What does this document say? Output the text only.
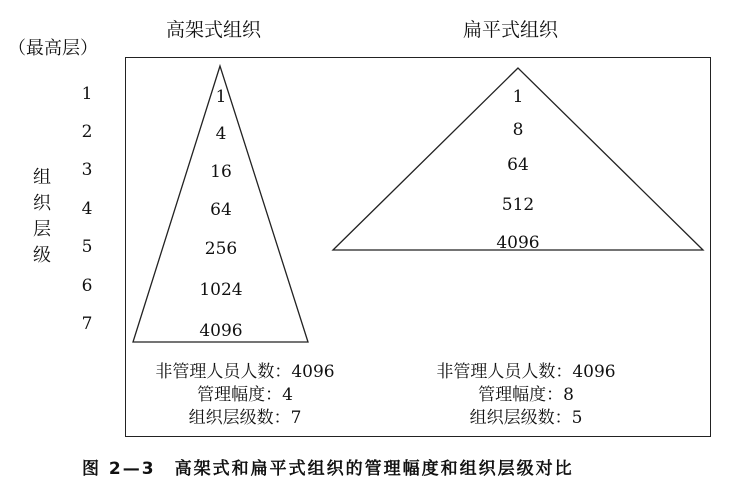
高架式组织	扁平式组织
（最高层）
组
织
层
级
1
2
3
4
5
6
7
1
4
16
64
256
1024
4096
1
8
64
512
4096
非管理人员人数：4096
管理幅度：4
组织层级数：7
非管理人员人数：4096
管理幅度：8
组织层级数：5
图 2—3　高架式和扁平式组织的管理幅度和组织层级对比
